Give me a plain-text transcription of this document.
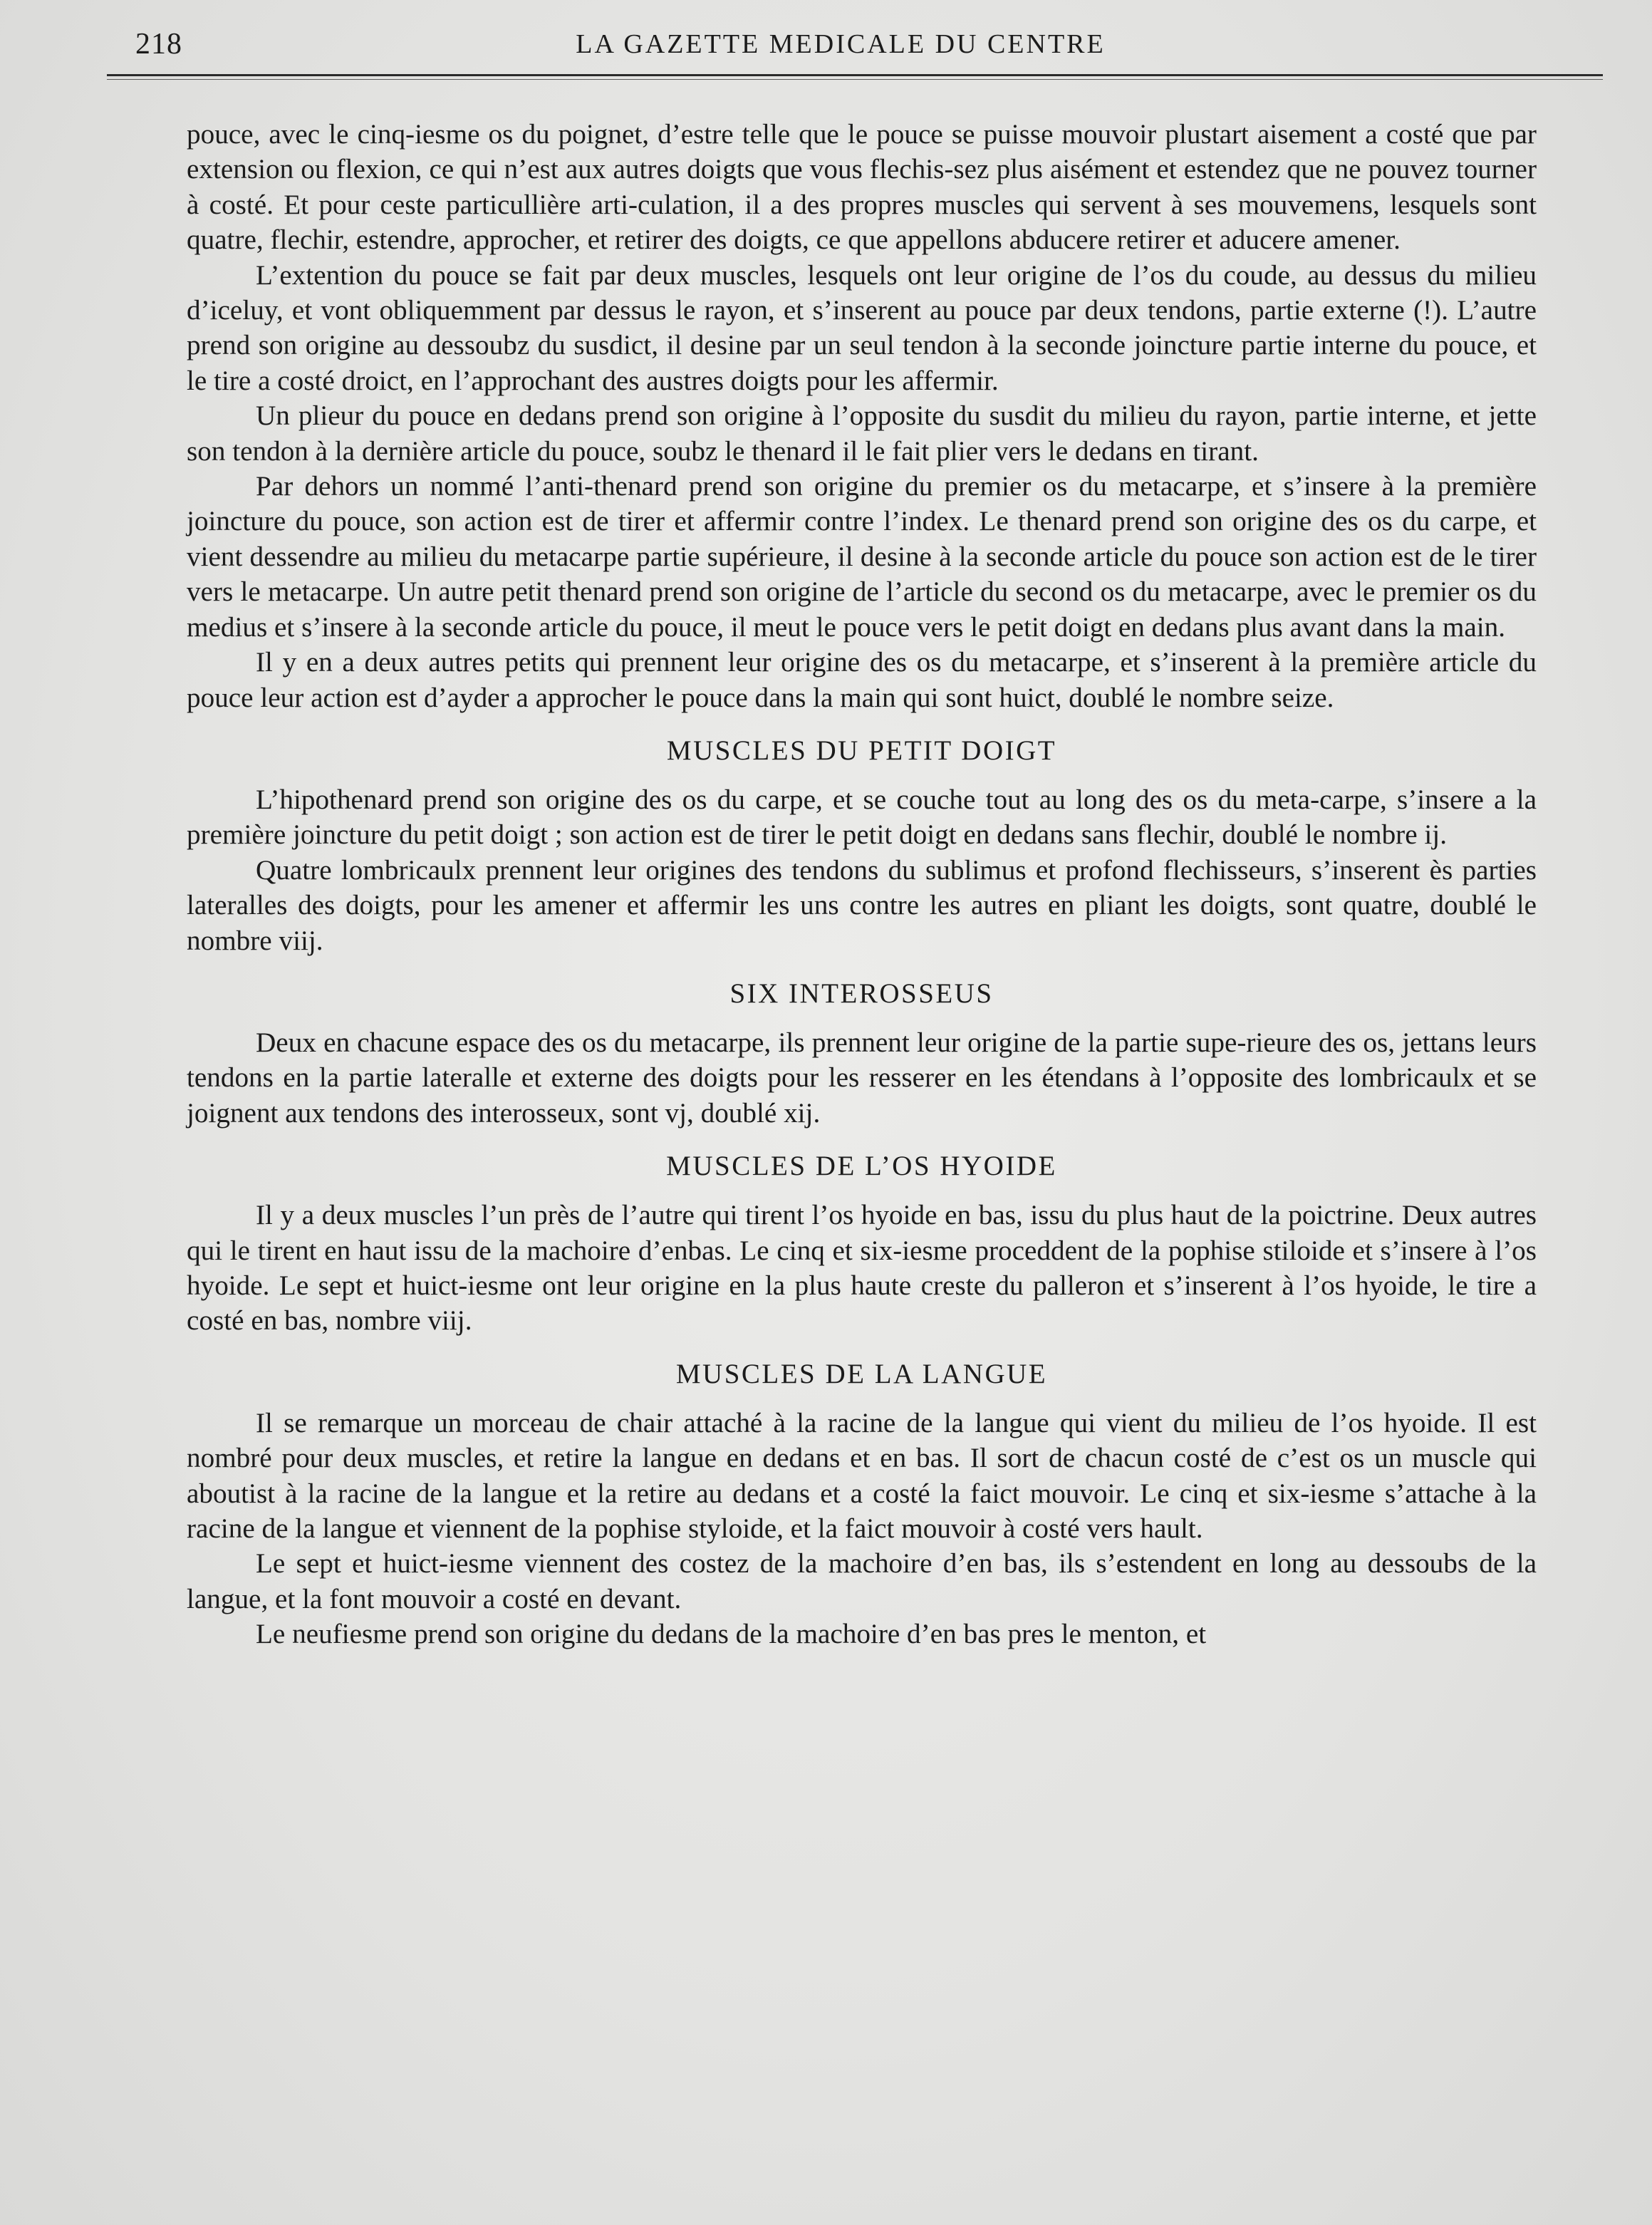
218	LA GAZETTE MEDICALE DU CENTRE

pouce, avec le cinq-iesme os du poignet, d’estre telle que le pouce se puisse mouvoir plustart aisement a costé que par extension ou flexion, ce qui n’est aux autres doigts que vous flechis-sez plus aisément et estendez que ne pouvez tourner à costé. Et pour ceste particullière arti-culation, il a des propres muscles qui servent à ses mouvemens, lesquels sont quatre, flechir, estendre, approcher, et retirer des doigts, ce que appellons abducere retirer et aducere amener.

L’extention du pouce se fait par deux muscles, lesquels ont leur origine de l’os du coude, au dessus du milieu d’iceluy, et vont obliquemment par dessus le rayon, et s’inserent au pouce par deux tendons, partie externe (!). L’autre prend son origine au dessoubz du susdict, il desine par un seul tendon à la seconde joincture partie interne du pouce, et le tire a costé droict, en l’approchant des austres doigts pour les affermir.

Un plieur du pouce en dedans prend son origine à l’opposite du susdit du milieu du rayon, partie interne, et jette son tendon à la dernière article du pouce, soubz le thenard il le fait plier vers le dedans en tirant.

Par dehors un nommé l’anti-thenard prend son origine du premier os du metacarpe, et s’insere à la première joincture du pouce, son action est de tirer et affermir contre l’index. Le thenard prend son origine des os du carpe, et vient dessendre au milieu du metacarpe partie supérieure, il desine à la seconde article du pouce son action est de le tirer vers le metacarpe. Un autre petit thenard prend son origine de l’article du second os du metacarpe, avec le premier os du medius et s’insere à la seconde article du pouce, il meut le pouce vers le petit doigt en dedans plus avant dans la main.

Il y en a deux autres petits qui prennent leur origine des os du metacarpe, et s’inserent à la première article du pouce leur action est d’ayder a approcher le pouce dans la main qui sont huict, doublé le nombre seize.

MUSCLES DU PETIT DOIGT

L’hipothenard prend son origine des os du carpe, et se couche tout au long des os du meta-carpe, s’insere a la première joincture du petit doigt ; son action est de tirer le petit doigt en dedans sans flechir, doublé le nombre ij.

Quatre lombricaulx prennent leur origines des tendons du sublimus et profond flechisseurs, s’inserent ès parties lateralles des doigts, pour les amener et affermir les uns contre les autres en pliant les doigts, sont quatre, doublé le nombre viij.

SIX INTEROSSEUS

Deux en chacune espace des os du metacarpe, ils prennent leur origine de la partie supe-rieure des os, jettans leurs tendons en la partie lateralle et externe des doigts pour les resserer en les étendans à l’opposite des lombricaulx et se joignent aux tendons des interosseux, sont vj, doublé xij.

MUSCLES DE L’OS HYOIDE

Il y a deux muscles l’un près de l’autre qui tirent l’os hyoide en bas, issu du plus haut de la poictrine. Deux autres qui le tirent en haut issu de la machoire d’enbas. Le cinq et six-iesme proceddent de la pophise stiloide et s’insere à l’os hyoide. Le sept et huict-iesme ont leur origine en la plus haute creste du palleron et s’inserent à l’os hyoide, le tire a costé en bas, nombre viij.

MUSCLES DE LA LANGUE

Il se remarque un morceau de chair attaché à la racine de la langue qui vient du milieu de l’os hyoide. Il est nombré pour deux muscles, et retire la langue en dedans et en bas. Il sort de chacun costé de c’est os un muscle qui aboutist à la racine de la langue et la retire au dedans et a costé la faict mouvoir. Le cinq et six-iesme s’attache à la racine de la langue et viennent de la pophise styloide, et la faict mouvoir à costé vers hault.

Le sept et huict-iesme viennent des costez de la machoire d’en bas, ils s’estendent en long au dessoubs de la langue, et la font mouvoir a costé en devant.

Le neufiesme prend son origine du dedans de la machoire d’en bas pres le menton, et
